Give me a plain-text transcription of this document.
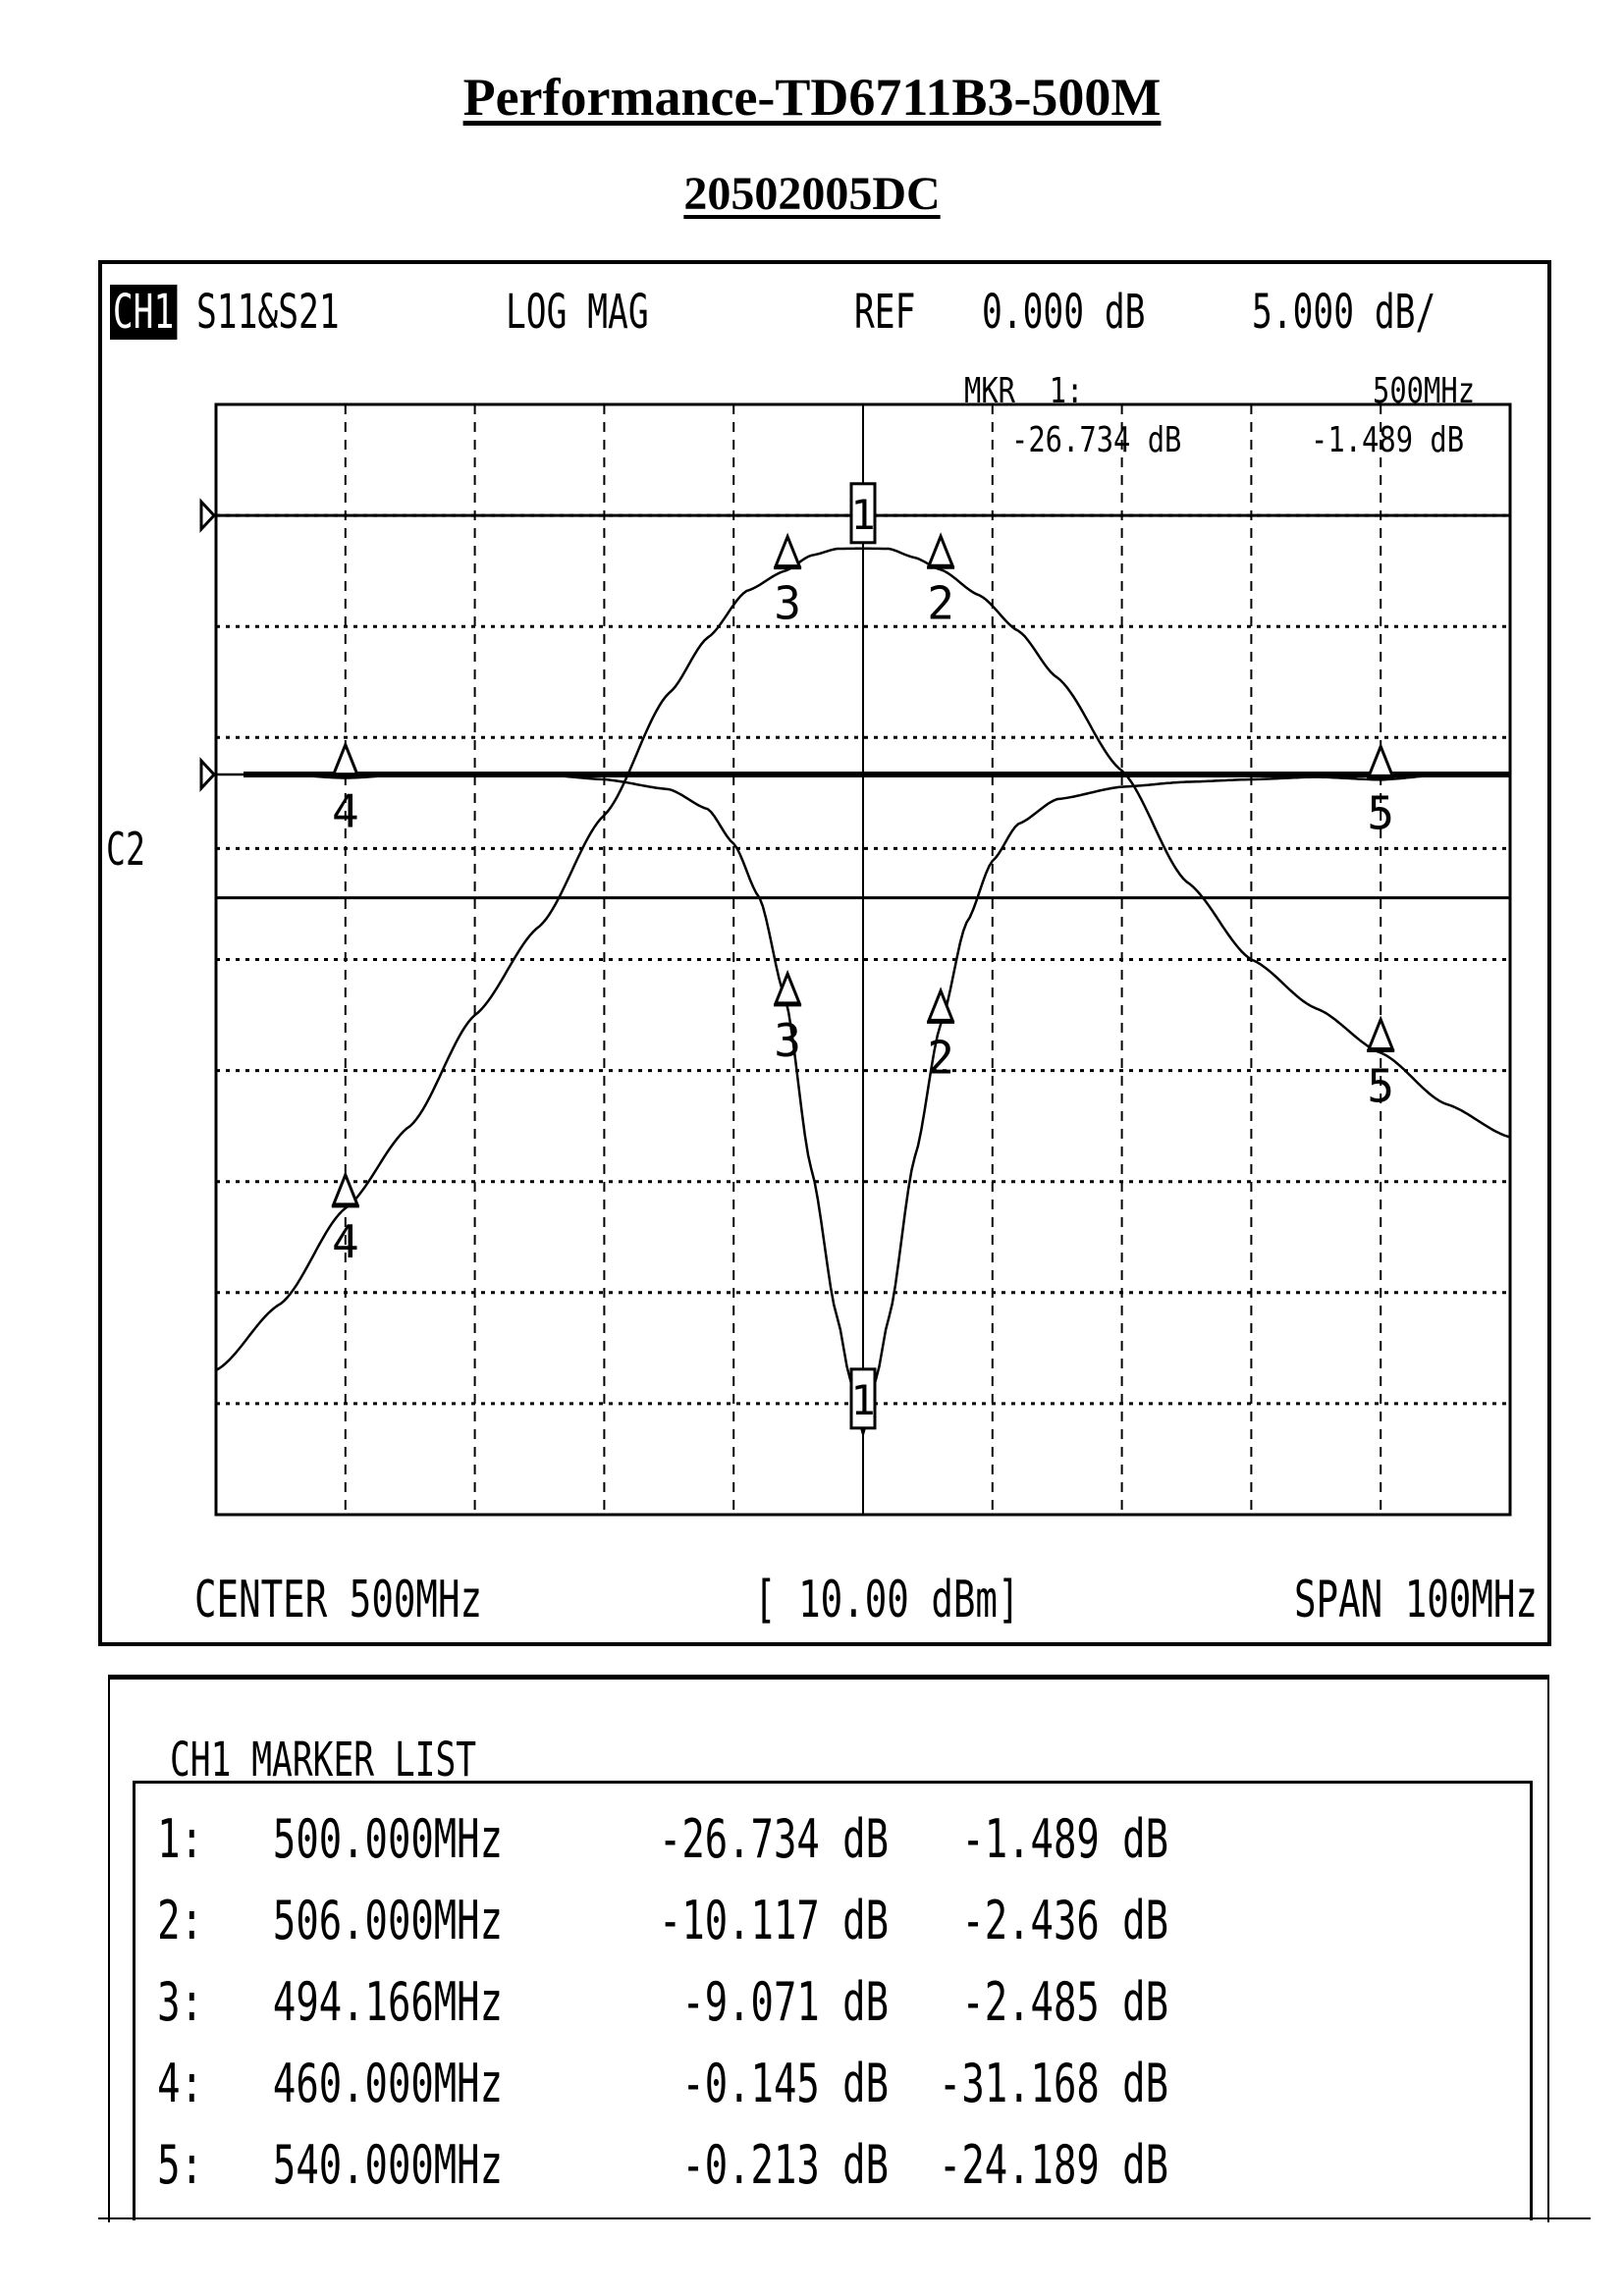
Performance-TD6711B3-500M
20502005DC
CH1 S11&S21	LOG MAG	REF 0.000 dB 5.000 dB/
MKR  1:	500MHz
-26.734 dB	-1.489 dB
1
1
2
2
3
3
4
4
5
5
C2
CENTER 500MHz	[ 10.00 dBm]	SPAN 100MHz
CH1 MARKER LIST
1:	500.000MHz	-26.734 dB	-1.489 dB
2:	506.000MHz	-10.117 dB	-2.436 dB
3:	494.166MHz	-9.071 dB	-2.485 dB
4:	460.000MHz	-0.145 dB -31.168 dB
5:	540.000MHz	-0.213 dB -24.189 dB
